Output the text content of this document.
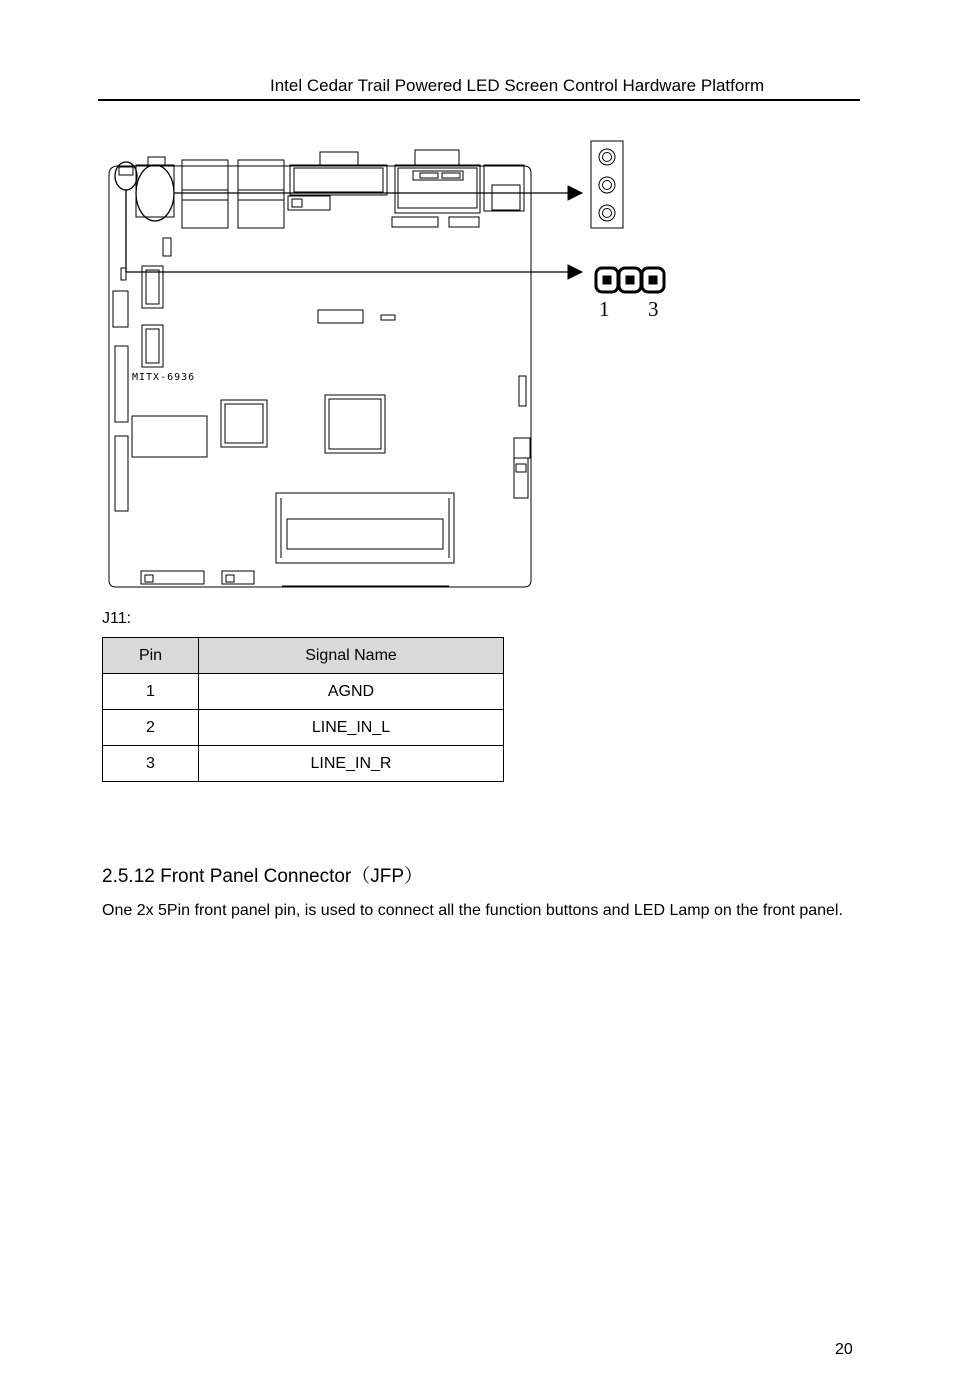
Intel Cedar Trail Powered LED Screen Control Hardware Platform
MITX-6936
1 3
J11:
Pin	Signal Name
1	AGND
2	LINE_IN_L
3	LINE_IN_R
2.5.12 Front Panel Connector（JFP）
One 2x 5Pin front panel pin, is used to connect all the function buttons and LED Lamp on the front panel.
20
